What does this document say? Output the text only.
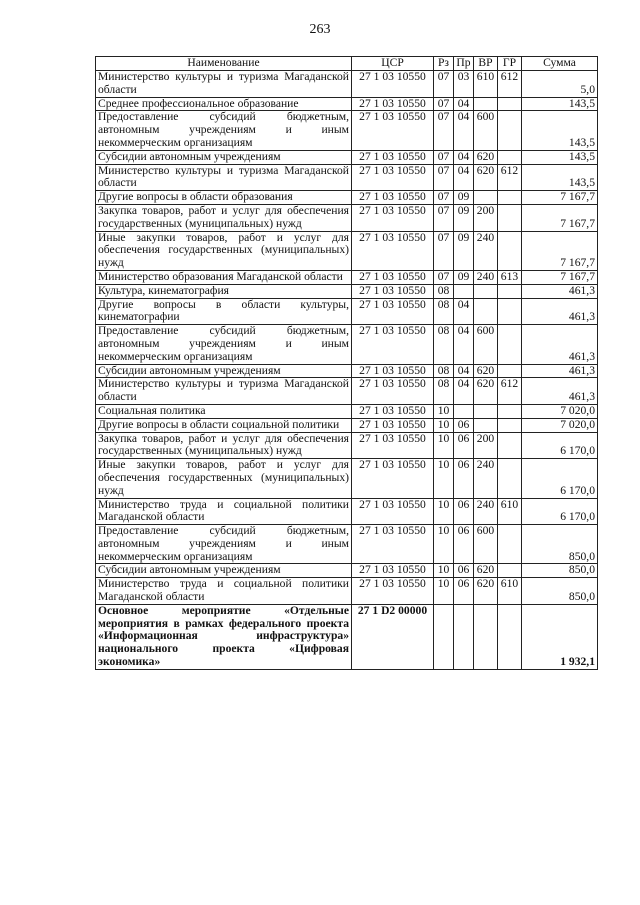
263
Наименование	ЦСР	Рз	Пр	ВР	ГР	Сумма
Министерство культуры и туризма Магаданской области	27 1 03 10550	07	03	610	612	5,0
Среднее профессиональное образование	27 1 03 10550	07	04			143,5
Предоставление субсидий бюджетным, автономным учреждениям и иным некоммерческим организациям	27 1 03 10550	07	04	600		143,5
Субсидии автономным учреждениям	27 1 03 10550	07	04	620		143,5
Министерство культуры и туризма Магаданской области	27 1 03 10550	07	04	620	612	143,5
Другие вопросы в области образования	27 1 03 10550	07	09			7 167,7
Закупка товаров, работ и услуг для обеспечения государственных (муниципальных) нужд	27 1 03 10550	07	09	200		7 167,7
Иные закупки товаров, работ и услуг для обеспечения государственных (муниципальных) нужд	27 1 03 10550	07	09	240		7 167,7
Министерство образования Магаданской области	27 1 03 10550	07	09	240	613	7 167,7
Культура, кинематография	27 1 03 10550	08				461,3
Другие вопросы в области культуры, кинематографии	27 1 03 10550	08	04			461,3
Предоставление субсидий бюджетным, автономным учреждениям и иным некоммерческим организациям	27 1 03 10550	08	04	600		461,3
Субсидии автономным учреждениям	27 1 03 10550	08	04	620		461,3
Министерство культуры и туризма Магаданской области	27 1 03 10550	08	04	620	612	461,3
Социальная политика	27 1 03 10550	10				7 020,0
Другие вопросы в области социальной политики	27 1 03 10550	10	06			7 020,0
Закупка товаров, работ и услуг для обеспечения государственных (муниципальных) нужд	27 1 03 10550	10	06	200		6 170,0
Иные закупки товаров, работ и услуг для обеспечения государственных (муниципальных) нужд	27 1 03 10550	10	06	240		6 170,0
Министерство труда и социальной политики Магаданской области	27 1 03 10550	10	06	240	610	6 170,0
Предоставление субсидий бюджетным, автономным учреждениям и иным некоммерческим организациям	27 1 03 10550	10	06	600		850,0
Субсидии автономным учреждениям	27 1 03 10550	10	06	620		850,0
Министерство труда и социальной политики Магаданской области	27 1 03 10550	10	06	620	610	850,0
Основное мероприятие «Отдельные мероприятия в рамках федерального проекта «Информационная инфраструктура» национального проекта «Цифровая экономика»	27 1 D2 00000					1 932,1
